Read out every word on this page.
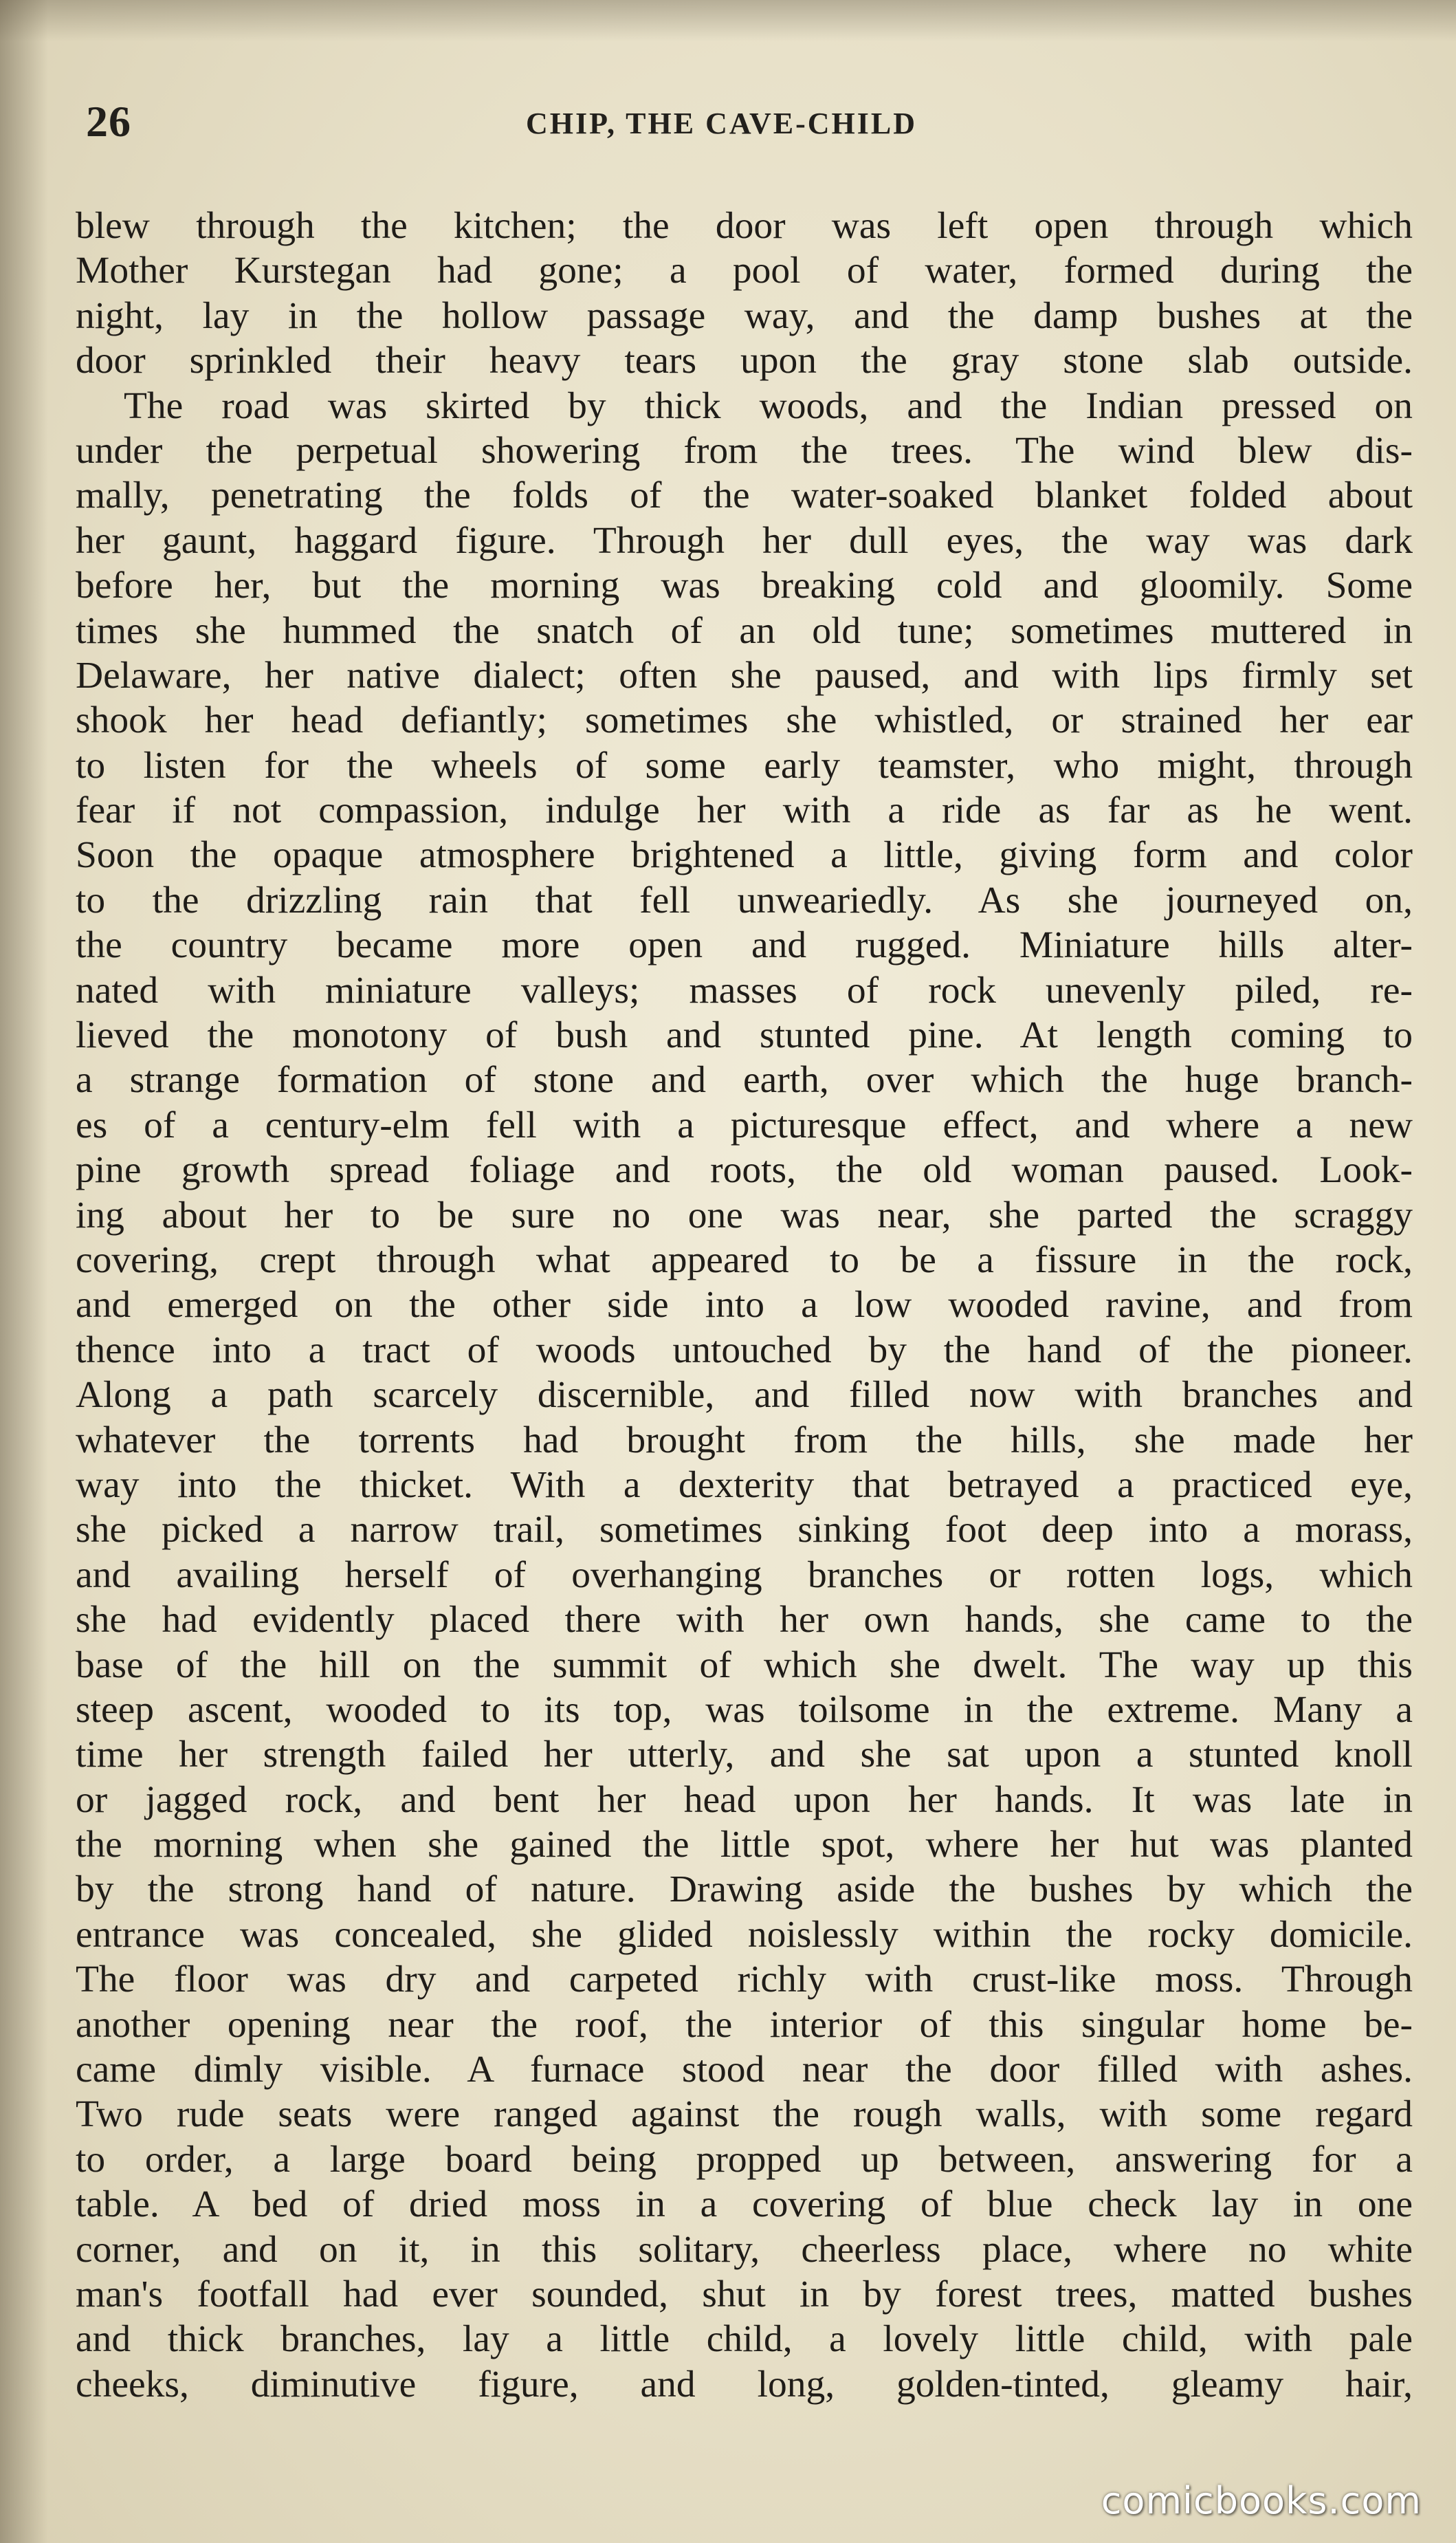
26	CHIP, THE CAVE-CHILD
blew through the kitchen; the door was left open through which
Mother Kurstegan had gone; a pool of water, formed during the
night, lay in the hollow passage way, and the damp bushes at the
door sprinkled their heavy tears upon the gray stone slab outside.
The road was skirted by thick woods, and the Indian pressed on
under the perpetual showering from the trees. The wind blew dis-
mally, penetrating the folds of the water-soaked blanket folded about
her gaunt, haggard figure. Through her dull eyes, the way was dark
before her, but the morning was breaking cold and gloomily. Some
times she hummed the snatch of an old tune; sometimes muttered in
Delaware, her native dialect; often she paused, and with lips firmly set
shook her head defiantly; sometimes she whistled, or strained her ear
to listen for the wheels of some early teamster, who might, through
fear if not compassion, indulge her with a ride as far as he went.
Soon the opaque atmosphere brightened a little, giving form and color
to the drizzling rain that fell unweariedly. As she journeyed on,
the country became more open and rugged. Miniature hills alter-
nated with miniature valleys; masses of rock unevenly piled, re-
lieved the monotony of bush and stunted pine. At length coming to
a strange formation of stone and earth, over which the huge branch-
es of a century-elm fell with a picturesque effect, and where a new
pine growth spread foliage and roots, the old woman paused. Look-
ing about her to be sure no one was near, she parted the scraggy
covering, crept through what appeared to be a fissure in the rock,
and emerged on the other side into a low wooded ravine, and from
thence into a tract of woods untouched by the hand of the pioneer.
Along a path scarcely discernible, and filled now with branches and
whatever the torrents had brought from the hills, she made her
way into the thicket. With a dexterity that betrayed a practiced eye,
she picked a narrow trail, sometimes sinking foot deep into a morass,
and availing herself of overhanging branches or rotten logs, which
she had evidently placed there with her own hands, she came to the
base of the hill on the summit of which she dwelt. The way up this
steep ascent, wooded to its top, was toilsome in the extreme. Many a
time her strength failed her utterly, and she sat upon a stunted knoll
or jagged rock, and bent her head upon her hands. It was late in
the morning when she gained the little spot, where her hut was planted
by the strong hand of nature. Drawing aside the bushes by which the
entrance was concealed, she glided noislessly within the rocky domicile.
The floor was dry and carpeted richly with crust-like moss. Through
another opening near the roof, the interior of this singular home be-
came dimly visible. A furnace stood near the door filled with ashes.
Two rude seats were ranged against the rough walls, with some regard
to order, a large board being propped up between, answering for a
table. A bed of dried moss in a covering of blue check lay in one
corner, and on it, in this solitary, cheerless place, where no white
man's footfall had ever sounded, shut in by forest trees, matted bushes
and thick branches, lay a little child, a lovely little child, with pale
cheeks, diminutive figure, and long, golden-tinted, gleamy hair,
comicbooks.com
